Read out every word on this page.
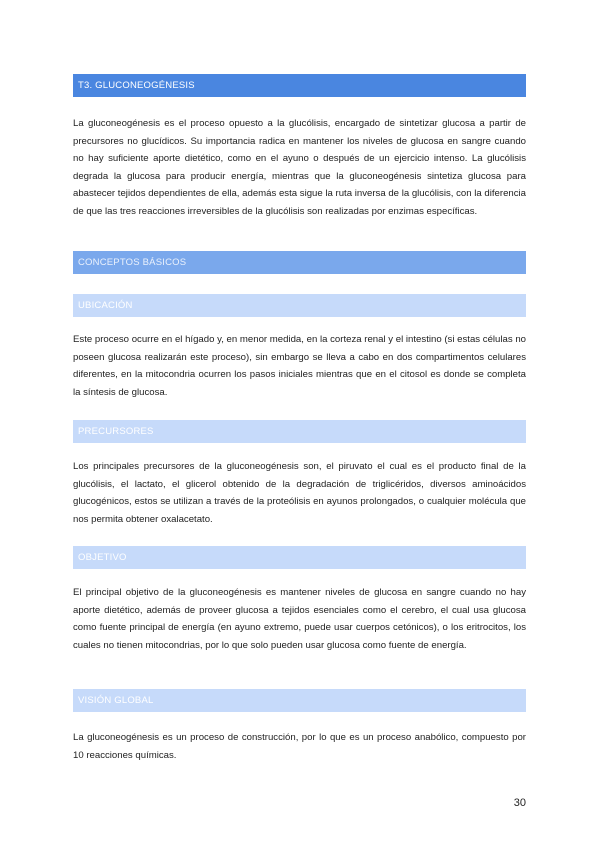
T3. GLUCONEOGÉNESIS

La gluconeogénesis es el proceso opuesto a la glucólisis, encargado de sintetizar glucosa a partir de precursores no glucídicos. Su importancia radica en mantener los niveles de glucosa en sangre cuando no hay suficiente aporte dietético, como en el ayuno o después de un ejercicio intenso. La glucólisis degrada la glucosa para producir energía, mientras que la gluconeogénesis sintetiza glucosa para abastecer tejidos dependientes de ella, además esta sigue la ruta inversa de la glucólisis, con la diferencia de que las tres reacciones irreversibles de la glucólisis son realizadas por enzimas específicas.

CONCEPTOS BÁSICOS
UBICACIÓN

Este proceso ocurre en el hígado y, en menor medida, en la corteza renal y el intestino (si estas células no poseen glucosa realizarán este proceso), sin embargo se lleva a cabo en dos compartimentos celulares diferentes, en la mitocondria ocurren los pasos iniciales mientras que en el citosol es donde se completa la síntesis de glucosa.

PRECURSORES

Los principales precursores de la gluconeogénesis son, el piruvato el cual es el producto final de la glucólisis, el lactato, el glicerol obtenido de la degradación de triglicéridos, diversos aminoácidos glucogénicos, estos se utilizan a través de la proteólisis en ayunos prolongados, o cualquier molécula que nos permita obtener oxalacetato.

OBJETIVO

El principal objetivo de la gluconeogénesis es mantener niveles de glucosa en sangre cuando no hay aporte dietético, además de proveer glucosa a tejidos esenciales como el cerebro, el cual usa glucosa como fuente principal de energía (en ayuno extremo, puede usar cuerpos cetónicos), o los eritrocitos, los cuales no tienen mitocondrias, por lo que solo pueden usar glucosa como fuente de energía.

VISIÓN GLOBAL

La gluconeogénesis es un proceso de construcción, por lo que es un proceso anabólico, compuesto por 10 reacciones químicas.

30
